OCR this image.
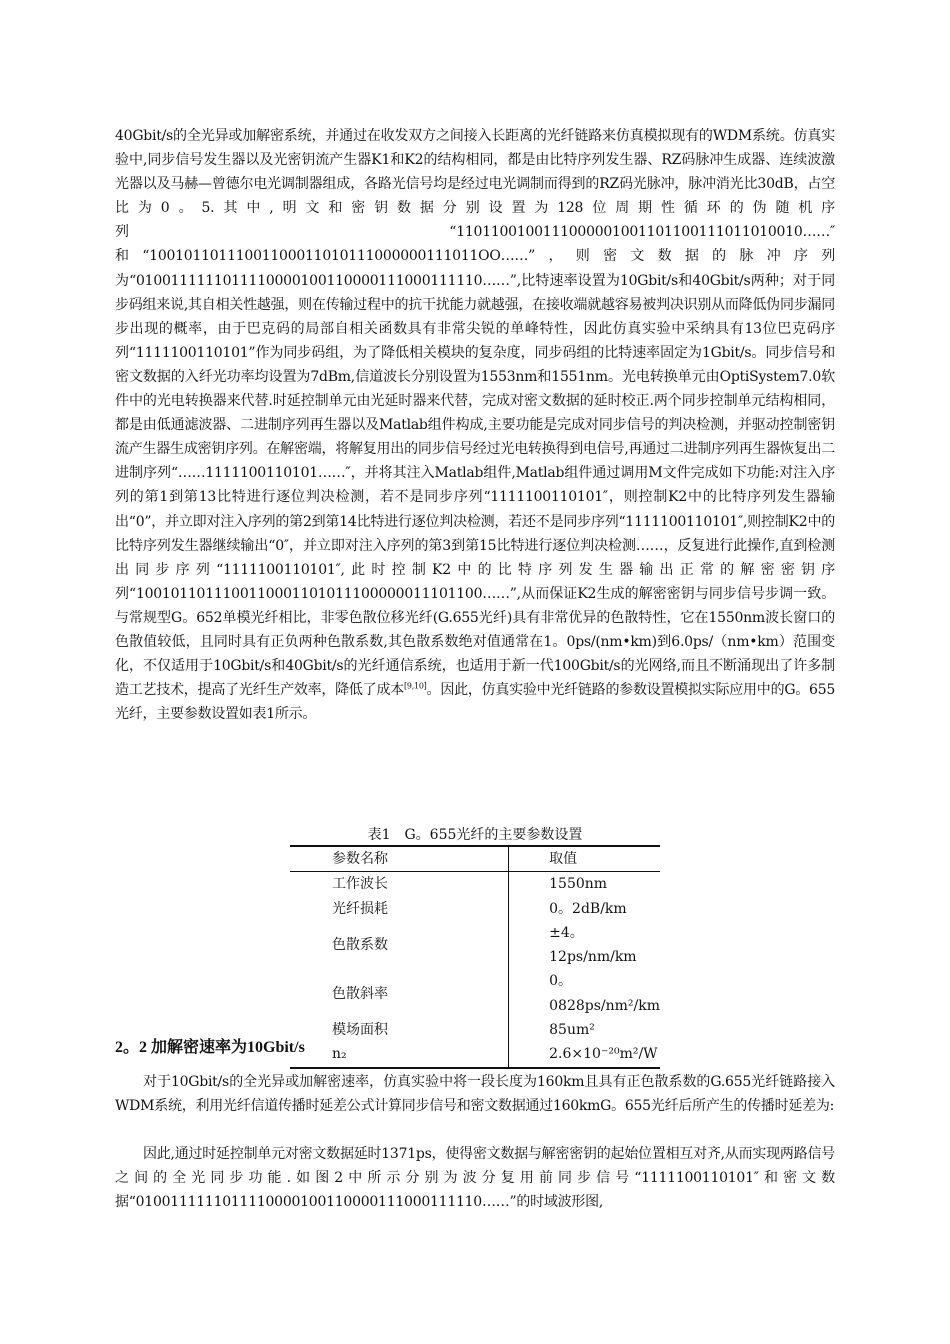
40Gbit/s的全光异或加解密系统，并通过在收发双方之间接入长距离的光纤链路来仿真模拟现有的WDM系统。仿真实验中,同步信号发生器以及光密钥流产生器K1和K2的结构相同，都是由比特序列发生器、RZ码脉冲生成器、连续波激光器以及马赫—曾德尔电光调制器组成，各路光信号均是经过电光调制而得到的RZ码光脉冲，脉冲消光比30dB，占空比为0。5.其中,明文和密钥数据分别设置为128位周期性循环的伪随机序列“1101100100111000001001101100111011010010……″和“10010110111001100011010111000000111011OO……”，则密文数据的脉冲序列为“0100111111011110000100110000111000111110……”,比特速率设置为10Gbit/s和40Gbit/s两种；对于同步码组来说,其自相关性越强，则在传输过程中的抗干扰能力就越强，在接收端就越容易被判决识别从而降低伪同步漏同步出现的概率，由于巴克码的局部自相关函数具有非常尖锐的单峰特性，因此仿真实验中采纳具有13位巴克码序列“1111100110101”作为同步码组，为了降低相关模块的复杂度，同步码组的比特速率固定为1Gbit/s。同步信号和密文数据的入纤光功率均设置为7dBm,信道波长分别设置为1553nm和1551nm。光电转换单元由OptiSystem7.0软件中的光电转换器来代替.时延控制单元由光延时器来代替，完成对密文数据的延时校正.两个同步控制单元结构相同，都是由低通滤波器、二进制序列再生器以及Matlab组件构成,主要功能是完成对同步信号的判决检测，并驱动控制密钥流产生器生成密钥序列。在解密端，将解复用出的同步信号经过光电转换得到电信号,再通过二进制序列再生器恢复出二进制序列“……1111100110101……″，并将其注入Matlab组件,Matlab组件通过调用M文件完成如下功能:对注入序列的第1到第13比特进行逐位判决检测，若不是同步序列“1111100110101″，则控制K2中的比特序列发生器输出“0”，并立即对注入序列的第2到第14比特进行逐位判决检测，若还不是同步序列“1111100110101″,则控制K2中的比特序列发生器继续输出“0″，并立即对注入序列的第3到第15比特进行逐位判决检测……，反复进行此操作,直到检测出同步序列“1111100110101″,此时控制K2中的比特序列发生器输出正常的解密密钥序列“1001011011100110001101011100000011101100……”,从而保证K2生成的解密密钥与同步信号步调一致。与常规型G。652单模光纤相比，非零色散位移光纤(G.655光纤)具有非常优异的色散特性，它在1550nm波长窗口的色散值较低，且同时具有正负两种色散系数,其色散系数绝对值通常在1。0ps/(nm•km)到6.0ps/（nm•km）范围变化，不仅适用于10Gbit/s和40Gbit/s的光纤通信系统，也适用于新一代100Gbit/s的光网络,而且不断涌现出了许多制造工艺技术，提高了光纤生产效率，降低了成本[9,10]。因此，仿真实验中光纤链路的参数设置模拟实际应用中的G。655光纤，主要参数设置如表1所示。

表1　G。655光纤的主要参数设置
参数名称	取值
工作波长	1550nm
光纤损耗	0。2dB/km
色散系数	±4。12ps/nm/km
色散斜率	0。0828ps/nm²/km
模场面积	85um²
n₂	2.6×10⁻²⁰m²/W
2。2 加解密速率为10Gbit/s

对于10Gbit/s的全光异或加解密速率，仿真实验中将一段长度为160km且具有正色散系数的G.655光纤链路接入WDM系统，利用光纤信道传播时延差公式计算同步信号和密文数据通过160kmG。655光纤后所产生的传播时延差为:

因此,通过时延控制单元对密文数据延时1371ps，使得密文数据与解密密钥的起始位置相互对齐,从而实现两路信号之间的全光同步功能.如图2中所示分别为波分复用前同步信号“1111100110101″和密文数据“0100111111011110000100110000111000111110……”的时域波形图,
